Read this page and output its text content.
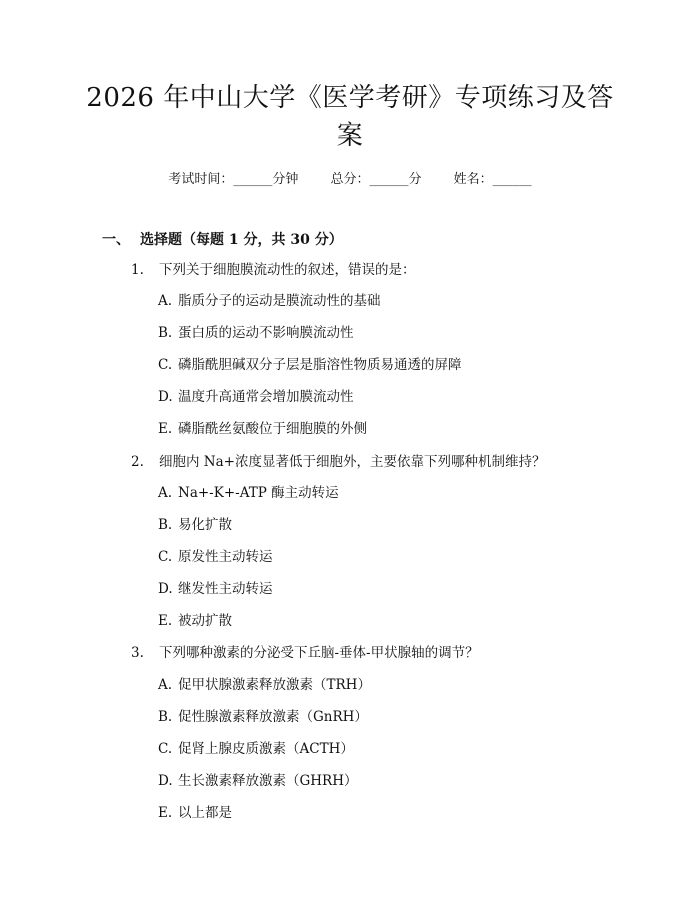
2026 年中山大学《医学考研》专项练习及答
案
考试时间：______分钟 总分：______分 姓名：______
一、 选择题（每题 1 分，共 30 分）
1. 下列关于细胞膜流动性的叙述，错误的是：
A. 脂质分子的运动是膜流动性的基础
B. 蛋白质的运动不影响膜流动性
C. 磷脂酰胆碱双分子层是脂溶性物质易通透的屏障
D. 温度升高通常会增加膜流动性
E. 磷脂酰丝氨酸位于细胞膜的外侧
2. 细胞内 Na+浓度显著低于细胞外，主要依靠下列哪种机制维持？
A. Na+-K+-ATP 酶主动转运
B. 易化扩散
C. 原发性主动转运
D. 继发性主动转运
E. 被动扩散
3. 下列哪种激素的分泌受下丘脑-垂体-甲状腺轴的调节？
A. 促甲状腺激素释放激素（TRH）
B. 促性腺激素释放激素（GnRH）
C. 促肾上腺皮质激素（ACTH）
D. 生长激素释放激素（GHRH）
E. 以上都是
